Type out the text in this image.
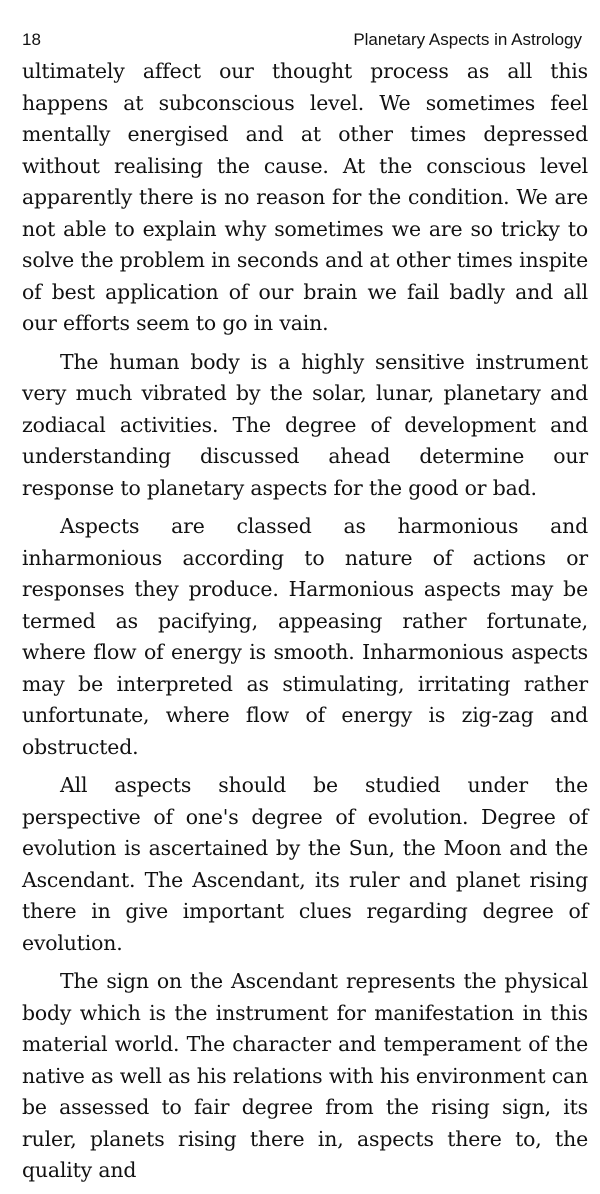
18	Planetary Aspects in Astrology

ultimately affect our thought process as all this happens at subconscious level. We sometimes feel mentally energised and at other times depressed without realising the cause. At the conscious level apparently there is no reason for the condition. We are not able to explain why sometimes we are so tricky to solve the problem in seconds and at other times inspite of best application of our brain we fail badly and all our efforts seem to go in vain.

The human body is a highly sensitive instrument very much vibrated by the solar, lunar, planetary and zodiacal activities. The degree of development and understanding discussed ahead determine our response to planetary aspects for the good or bad.

Aspects are classed as harmonious and inharmonious according to nature of actions or responses they produce. Harmonious aspects may be termed as pacifying, appeasing rather fortunate, where flow of energy is smooth. Inharmonious aspects may be interpreted as stimulating, irritating rather unfortunate, where flow of energy is zig-zag and obstructed.

All aspects should be studied under the perspective of one's degree of evolution. Degree of evolution is ascertained by the Sun, the Moon and the Ascendant. The Ascendant, its ruler and planet rising there in give important clues regarding degree of evolution.

The sign on the Ascendant represents the physical body which is the instrument for manifestation in this material world. The character and temperament of the native as well as his relations with his environment can be assessed to fair degree from the rising sign, its ruler, planets rising there in, aspects there to, the quality and
